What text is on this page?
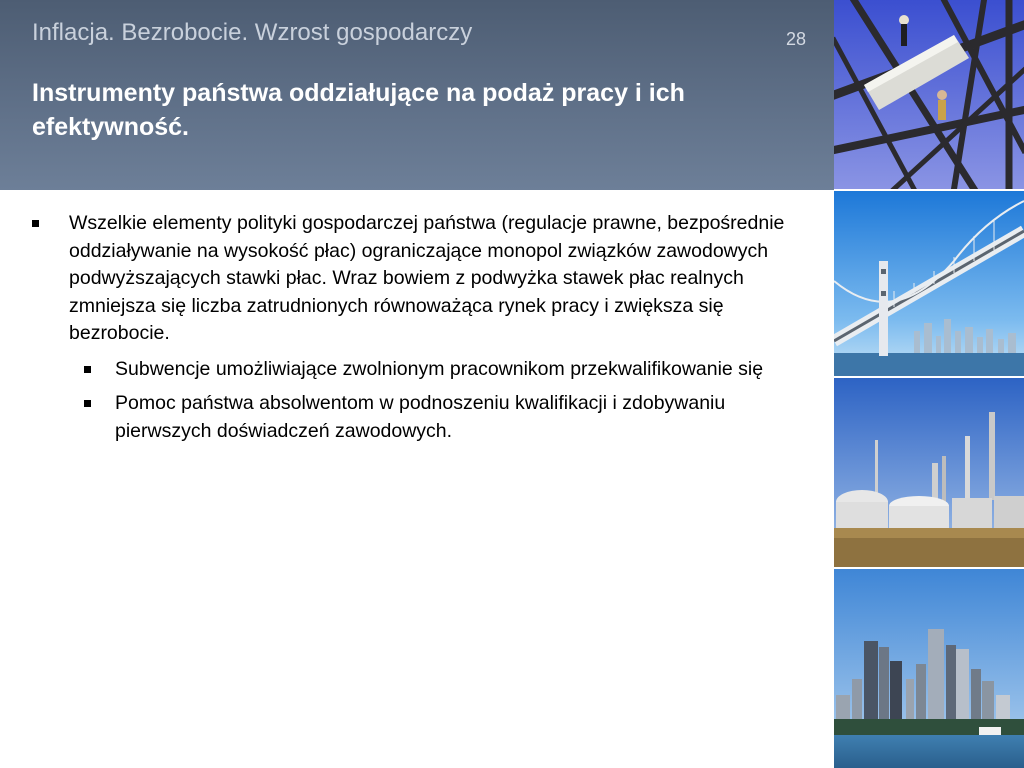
Inflacja. Bezrobocie. Wzrost gospodarczy	28
Instrumenty państwa oddziałujące na podaż pracy i ich efektywność.
Wszelkie elementy polityki gospodarczej państwa (regulacje prawne, bezpośrednie oddziaływanie na wysokość płac) ograniczające monopol związków zawodowych podwyższających stawki płac. Wraz bowiem z podwyżka stawek płac realnych zmniejsza się liczba zatrudnionych równoważąca rynek pracy i zwiększa się bezrobocie.
Subwencje umożliwiające zwolnionym pracownikom przekwalifikowanie się
Pomoc państwa absolwentom w podnoszeniu kwalifikacji i zdobywaniu pierwszych doświadczeń zawodowych.
